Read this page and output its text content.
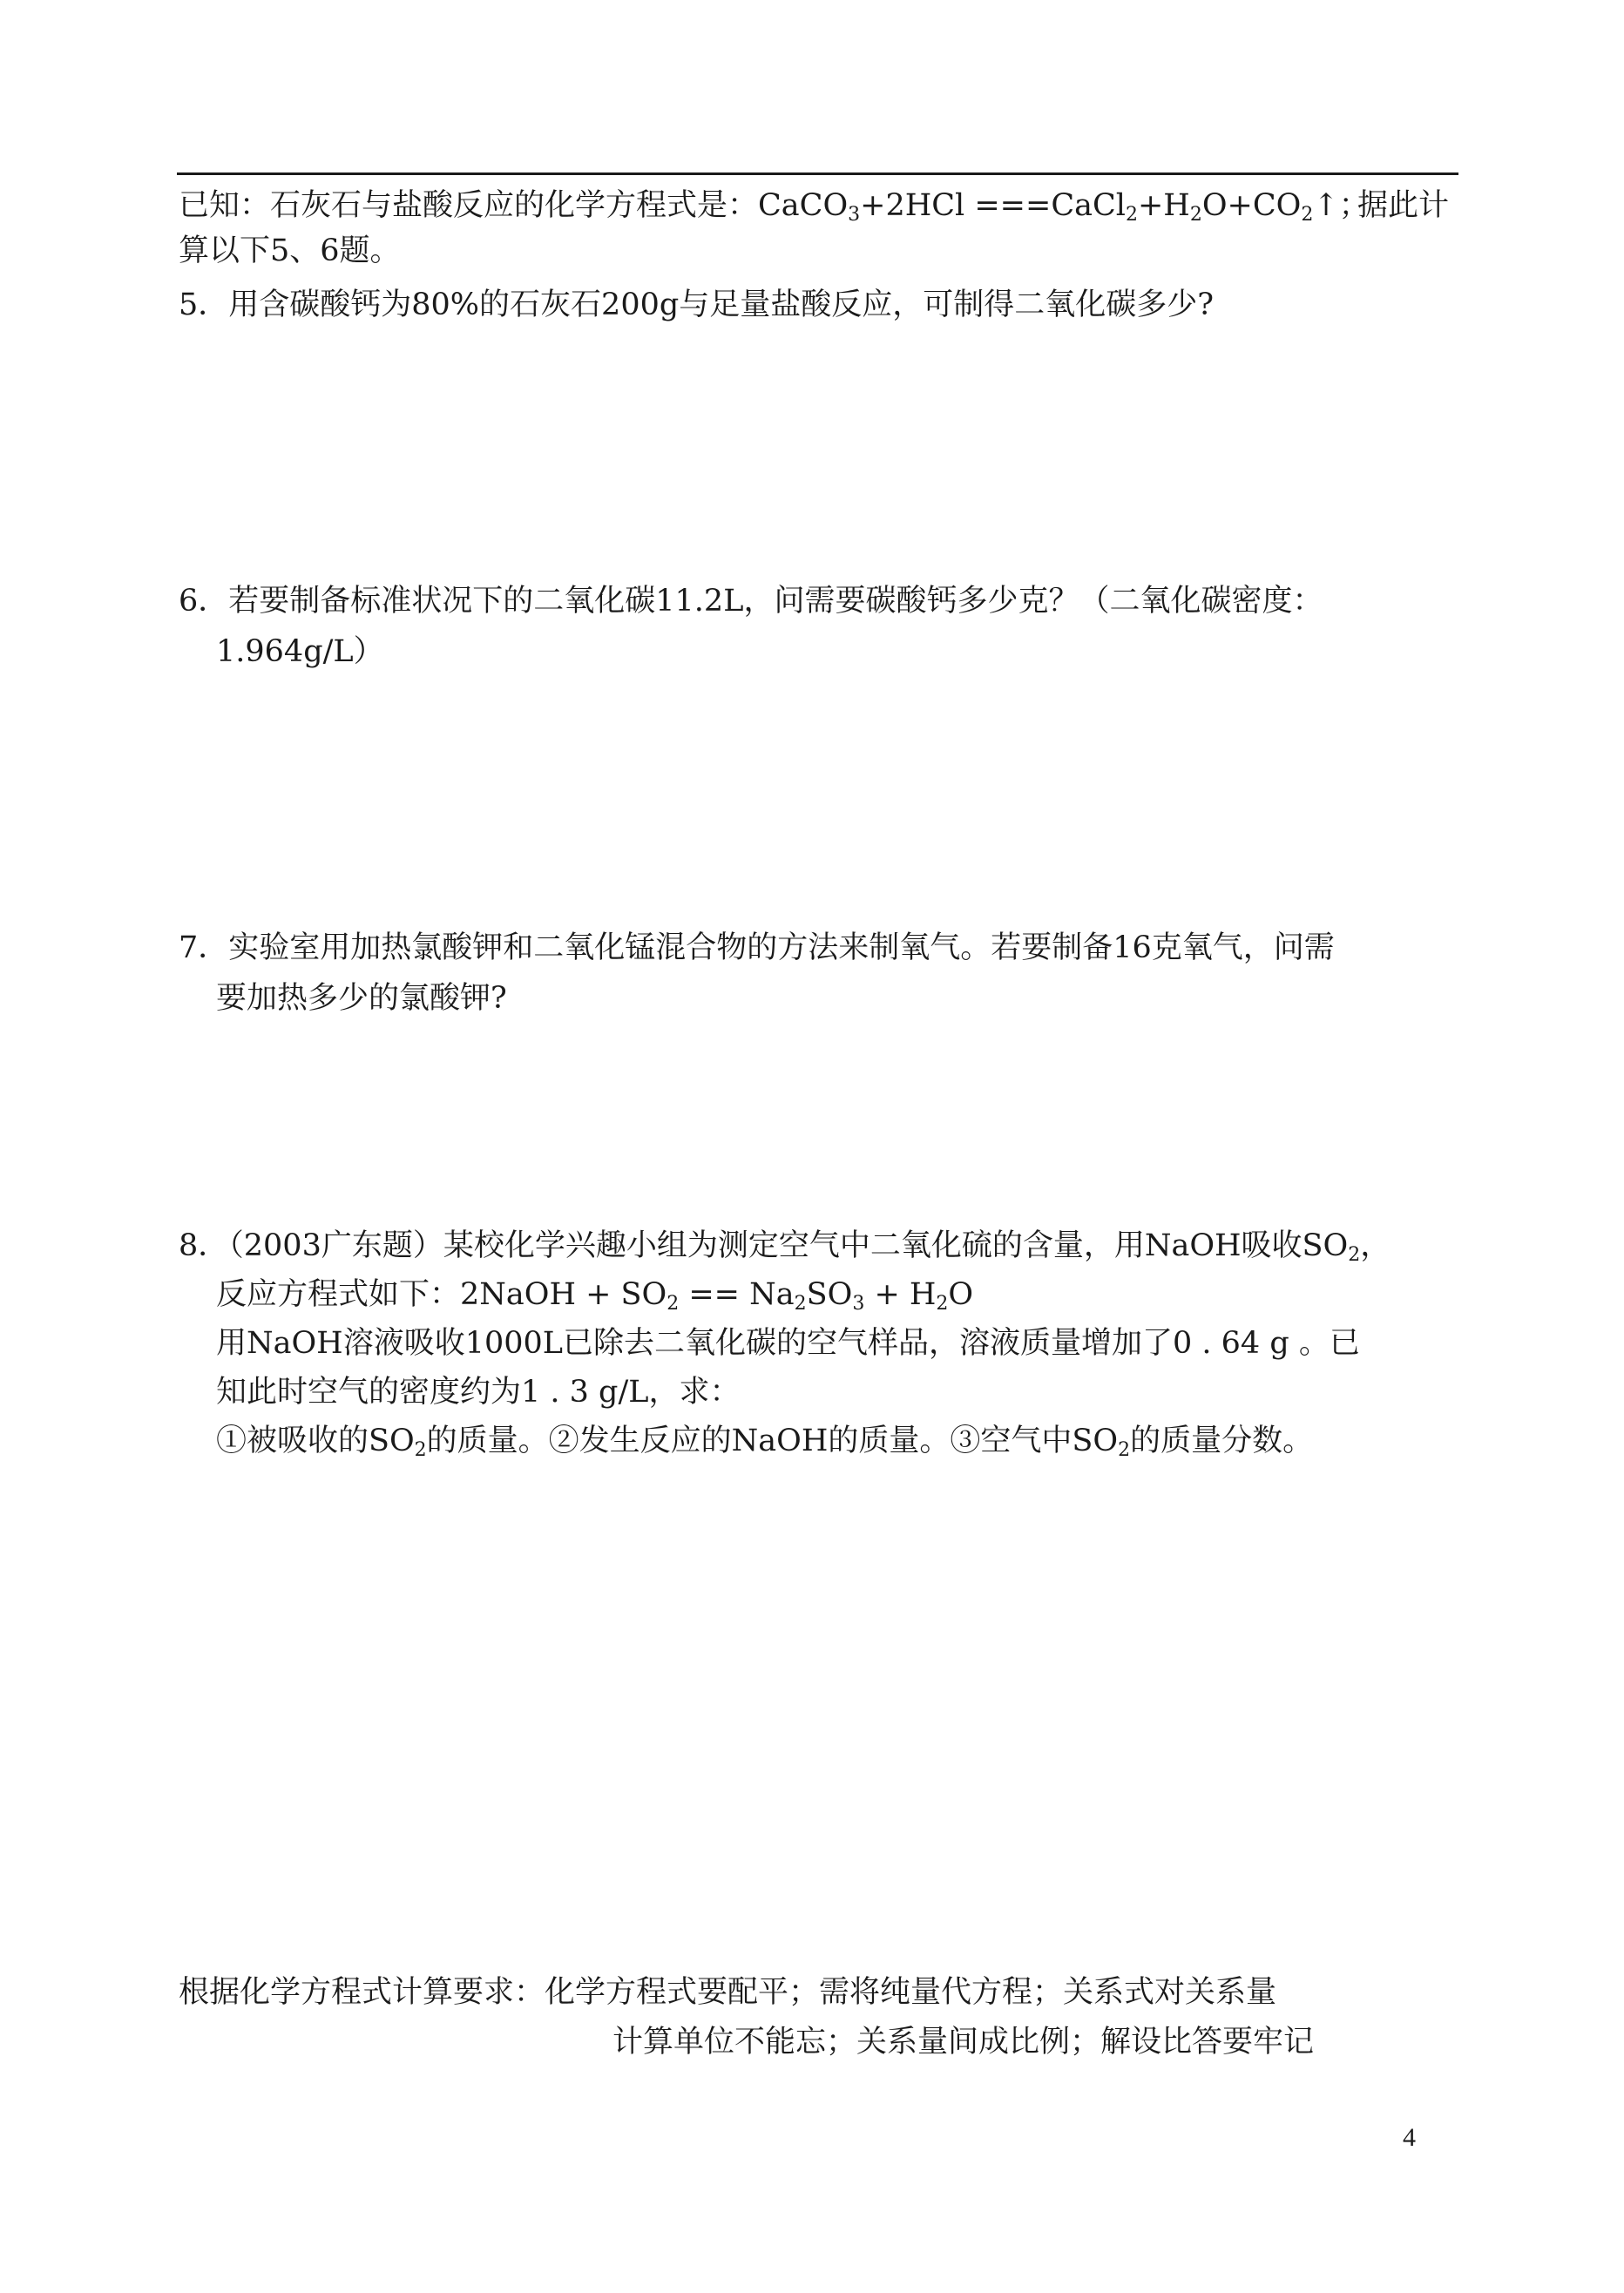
已知：石灰石与盐酸反应的化学方程式是：CaCO$_3$+2HCl $===CaCl_2+H_2O+CO_2↑$；
据此计
算以下5、6题。
5．用含碳酸钙为80%的石灰石200g与足量盐酸反应，可制得二氧化碳多少?
6．若要制备标准状况下的二氧化碳11.2L，问需要碳酸钙多少克？（二氧化碳密度：
1.964g/L）
7．实验室用加热氯酸钾和二氧化锰混合物的方法来制氧气。若要制备16克氧气，问需
要加热多少的氯酸钾?
8．（2003广东题）某校化学兴趣小组为测定空气中二氧化硫的含量，用NaOH吸收$SO_2$，
反应方程式如下：2NaOH + $SO_2 == Na_2SO_3 + H_2O$
用NaOH溶液吸收1000L已除去二氧化碳的空气样品，溶液质量增加了0 . 64 g 。已
知此时空气的密度约为1 . 3 g/L，求：
①被吸收的$SO_2$的质量。②发生反应的NaOH的质量。③空气中$SO_2$的质量分数。
根据化学方程式计算要求：化学方程式要配平；需将纯量代方程；关系式对关系量
计算单位不能忘；关系量间成比例；解设比答要牢记
4
